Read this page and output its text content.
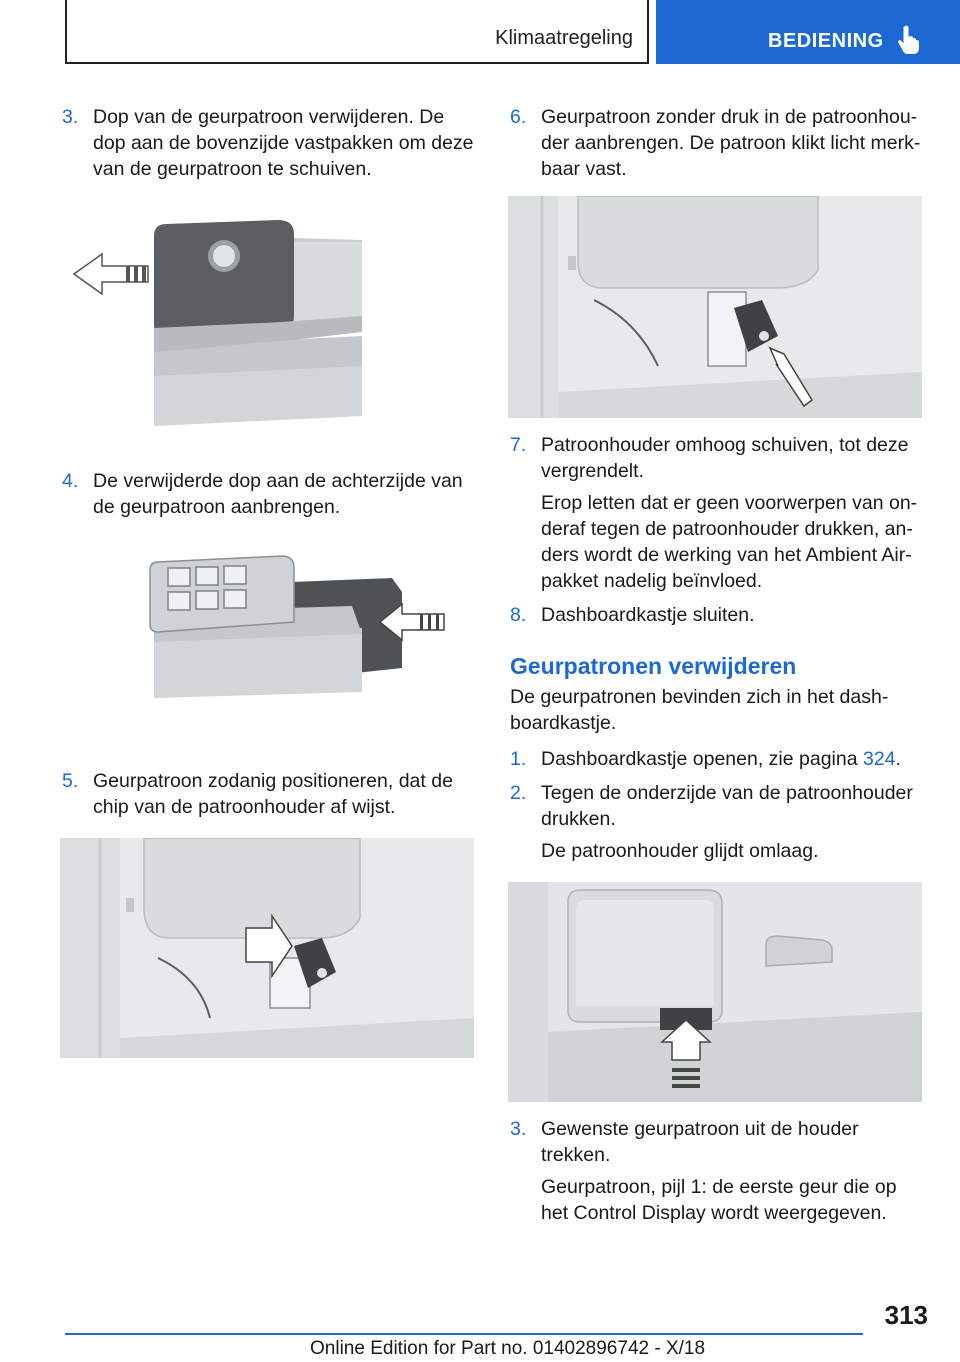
Klimaatregeling	BEDIENING
3. Dop van de geurpatroon verwijderen. De dop aan de bovenzijde vastpakken om deze van de geurpatroon te schuiven.

4. De verwijderde dop aan de achterzijde van de geurpatroon aanbrengen.

5. Geurpatroon zodanig positioneren, dat de chip van de patroonhouder af wijst.

6. Geurpatroon zonder druk in de patroonhouder aanbrengen. De patroon klikt licht merkbaar vast.

7. Patroonhouder omhoog schuiven, tot deze vergrendelt.

Erop letten dat er geen voorwerpen van onderaf tegen de patroonhouder drukken, anders wordt de werking van het Ambient Airpakket nadelig beïnvloed.

8. Dashboardkastje sluiten.

Geurpatronen verwijderen

De geurpatronen bevinden zich in het dashboardkastje.

1. Dashboardkastje openen, zie pagina 324.

2. Tegen de onderzijde van de patroonhouder drukken.

De patroonhouder glijdt omlaag.

3. Gewenste geurpatroon uit de houder trekken.

Geurpatroon, pijl 1: de eerste geur die op het Control Display wordt weergegeven.

313
Online Edition for Part no. 01402896742 - X/18
